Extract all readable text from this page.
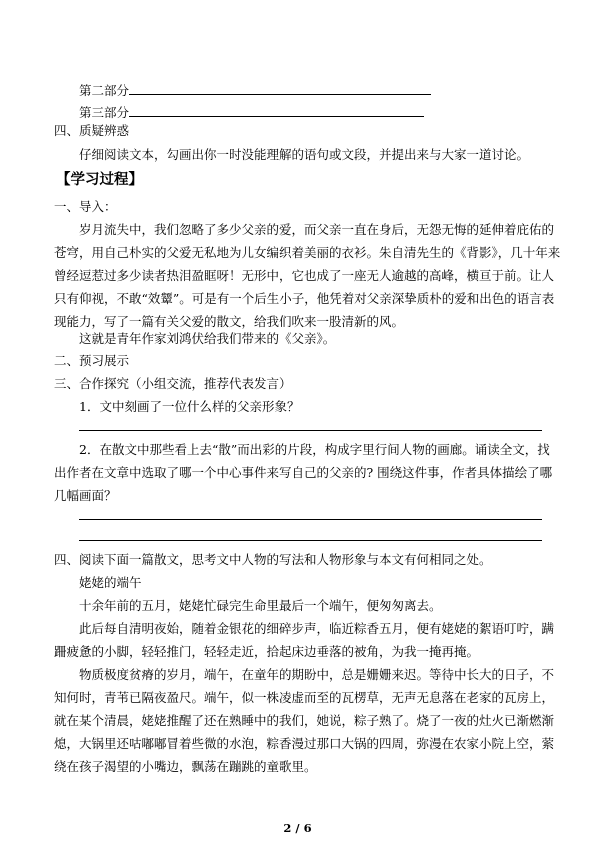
第二部分
第三部分
四、质疑辨惑
仔细阅读文本，勾画出你一时没能理解的语句或文段，并提出来与大家一道讨论。
【学习过程】
一、导入：
岁月流失中，我们忽略了多少父亲的爱，而父亲一直在身后，无怨无悔的延伸着庇佑的
苍穹，用自己朴实的父爱无私地为儿女编织着美丽的衣衫。朱自清先生的《背影》，几十年来
曾经逗惹过多少读者热泪盈眶呀！无形中，它也成了一座无人逾越的高峰，横亘于前。让人
只有仰视，不敢“效颦”。可是有一个后生小子，他凭着对父亲深挚质朴的爱和出色的语言表
现能力，写了一篇有关父爱的散文，给我们吹来一股清新的风。
这就是青年作家刘鸿伏给我们带来的《父亲》。
二、预习展示
三、合作探究（小组交流，推荐代表发言）
1．文中刻画了一位什么样的父亲形象？
2．在散文中那些看上去“散”而出彩的片段，构成字里行间人物的画廊。诵读全文，找
出作者在文章中选取了哪一个中心事件来写自己的父亲的? 围绕这件事，作者具体描绘了哪
几幅画面？
四、阅读下面一篇散文，思考文中人物的写法和人物形象与本文有何相同之处。
姥姥的端午
十余年前的五月，姥姥忙碌完生命里最后一个端午，便匆匆离去。
此后每自清明夜始，随着金银花的细碎步声，临近粽香五月，便有姥姥的絮语叮咛，蹒
跚疲惫的小脚，轻轻推门，轻轻走近，拾起床边垂落的被角，为我一掩再掩。
物质极度贫瘠的岁月，端午，在童年的期盼中，总是姗姗来迟。等待中长大的日子，不
知何时，青苇已隔夜盈尺。端午，似一株凌虚而至的瓦楞草，无声无息落在老家的瓦房上，
就在某个清晨，姥姥推醒了还在熟睡中的我们，她说，粽子熟了。烧了一夜的灶火已渐燃渐
熄，大锅里还咕嘟嘟冒着些微的水泡，粽香漫过那口大锅的四周，弥漫在农家小院上空，萦
绕在孩子渴望的小嘴边，飘荡在蹦跳的童歌里。
2 / 6
